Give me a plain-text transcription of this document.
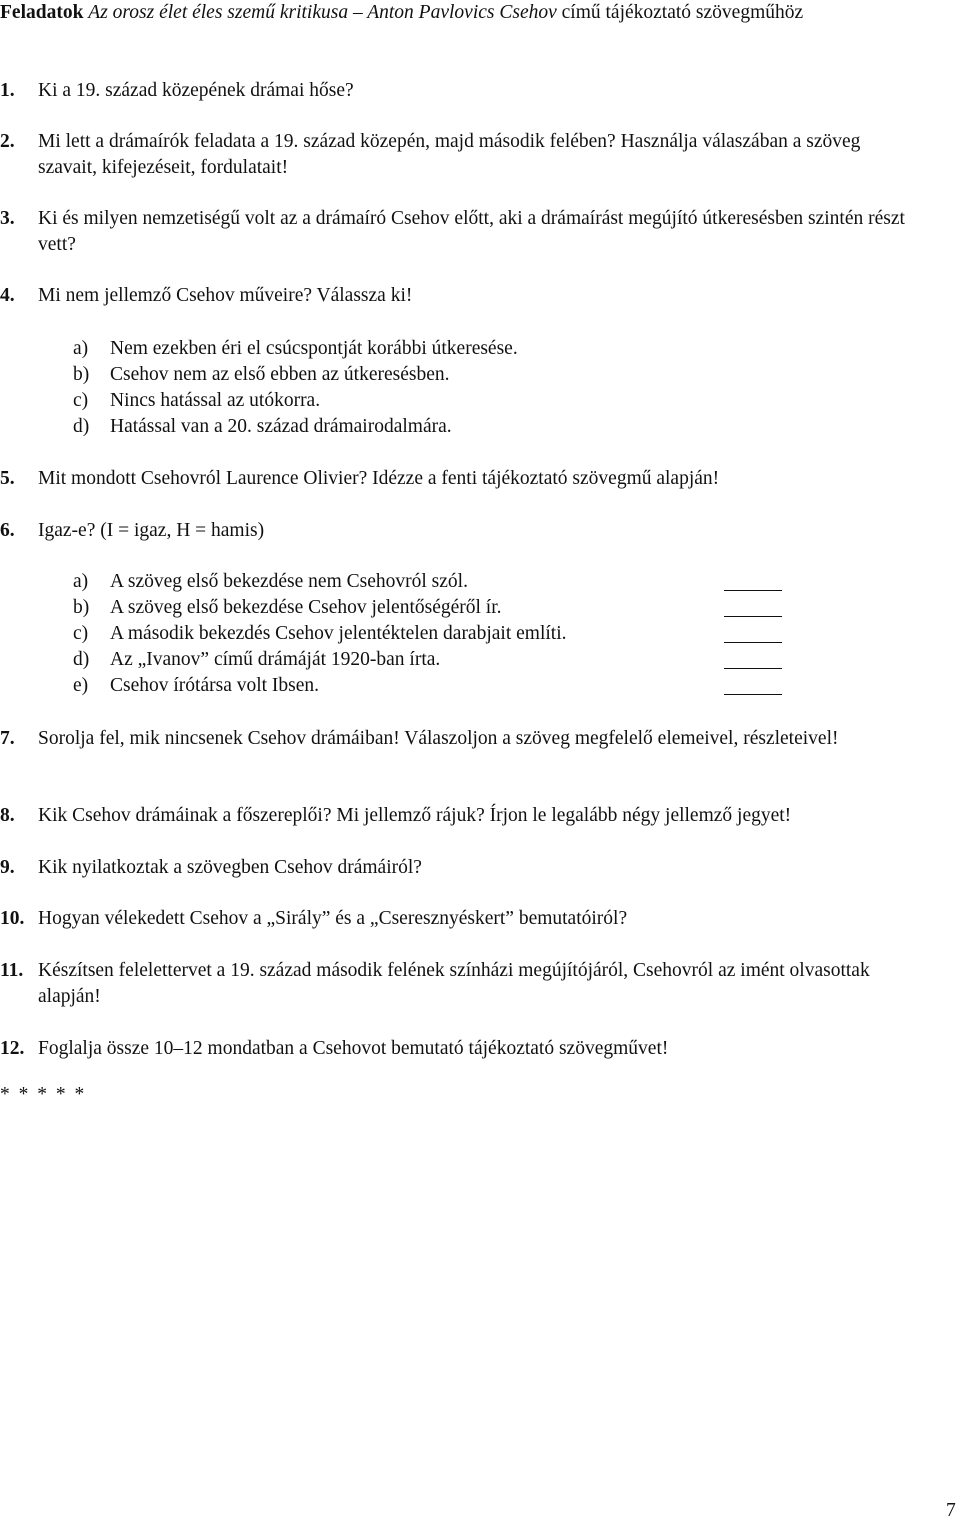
Feladatok Az orosz élet éles szemű kritikusa – Anton Pavlovics Csehov című tájékoztató szövegműhöz
1. Ki a 19. század közepének drámai hőse?
2. Mi lett a drámaírók feladata a 19. század közepén, majd második felében? Használja válaszában a szöveg szavait, kifejezéseit, fordulatait!
3. Ki és milyen nemzetiségű volt az a drámaíró Csehov előtt, aki a drámaírást megújító útkeresésben szintén részt vett?
4. Mi nem jellemző Csehov műveire? Válassza ki!
a) Nem ezekben éri el csúcspontját korábbi útkeresése.
b) Csehov nem az első ebben az útkeresésben.
c) Nincs hatással az utókorra.
d) Hatással van a 20. század drámairodalmára.
5. Mit mondott Csehovról Laurence Olivier? Idézze a fenti tájékoztató szövegmű alapján!
6. Igaz-e? (I = igaz, H = hamis)
a) A szöveg első bekezdése nem Csehovról szól.
b) A szöveg első bekezdése Csehov jelentőségéről ír.
c) A második bekezdés Csehov jelentéktelen darabjait említi.
d) Az „Ivanov” című drámáját 1920-ban írta.
e) Csehov írótársa volt Ibsen.
7.	Sorolja fel, mik nincsenek Csehov drámáiban! Válaszoljon a szöveg megfelelő elemeivel, részleteivel!
8. Kik Csehov drámáinak a főszereplői? Mi jellemző rájuk? Írjon le legalább négy jellemző jegyet!
9. Kik nyilatkoztak a szövegben Csehov drámáiról?
10. Hogyan vélekedett Csehov a „Sirály” és a „Cseresznyéskert” bemutatóiról?
11. Készítsen felelettervet a 19. század második felének színházi megújítójáról, Csehovról az imént olvasottak alapján!
12. Foglalja össze 10–12 mondatban a Csehovot bemutató tájékoztató szövegművet!
* * * * *
7
